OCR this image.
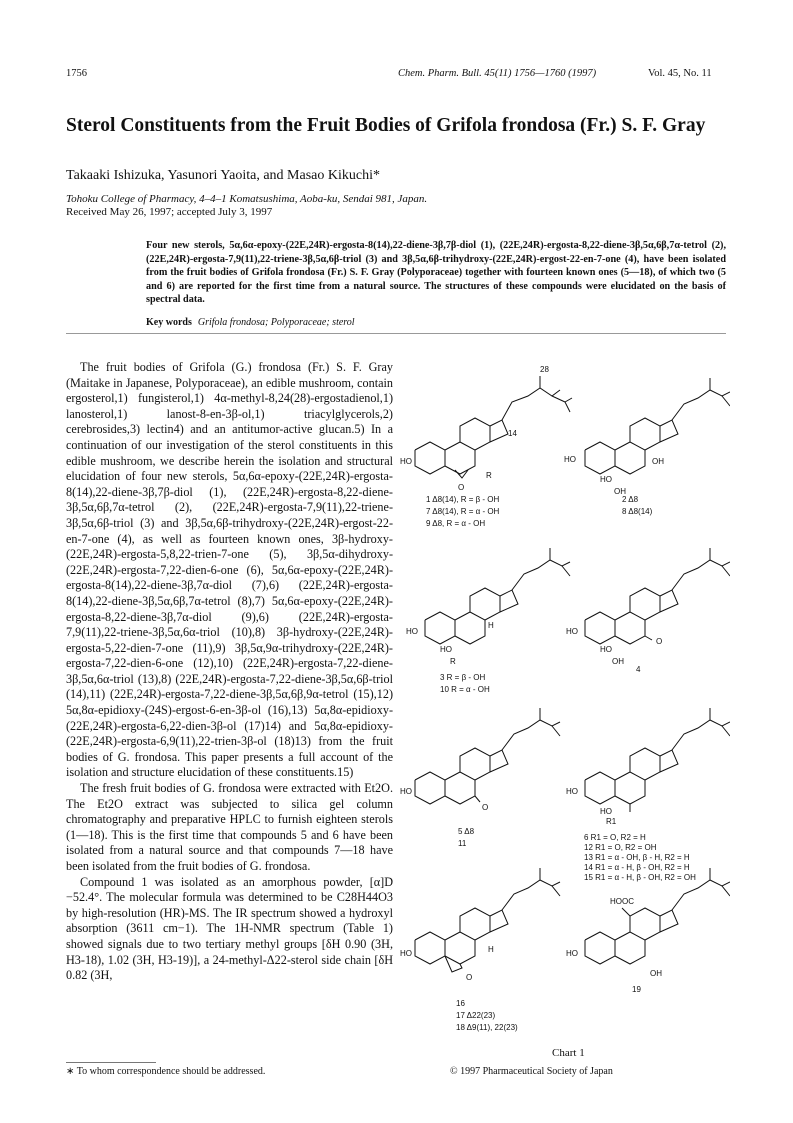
1756	Chem. Pharm. Bull. 45(11) 1756—1760 (1997)	Vol. 45, No. 11
Sterol Constituents from the Fruit Bodies of Grifola frondosa (Fr.) S. F. Gray
Takaaki Ishizuka, Yasunori Yaoita, and Masao Kikuchi*
Tohoku College of Pharmacy, 4–4–1 Komatsushima, Aoba-ku, Sendai 981, Japan.
Received May 26, 1997; accepted July 3, 1997
Four new sterols, 5α,6α-epoxy-(22E,24R)-ergosta-8(14),22-diene-3β,7β-diol (1), (22E,24R)-ergosta-8,22-diene-3β,5α,6β,7α-tetrol (2), (22E,24R)-ergosta-7,9(11),22-triene-3β,5α,6β-triol (3) and 3β,5α,6β-trihydroxy-(22E,24R)-ergost-22-en-7-one (4), have been isolated from the fruit bodies of Grifola frondosa (Fr.) S. F. Gray (Polyporaceae) together with fourteen known ones (5—18), of which two (5 and 6) are reported for the first time from a natural source. The structures of these compounds were elucidated on the basis of spectral data.
Key words Grifola frondosa; Polyporaceae; sterol

The fruit bodies of Grifola (G.) frondosa (Fr.) S. F. Gray (Maitake in Japanese, Polyporaceae), an edible mushroom, contain ergosterol,1) fungisterol,1) 4α-methyl-8,24(28)-ergostadienol,1) lanosterol,1) lanost-8-en-3β-ol,1) triacylglycerols,2) cerebrosides,3) lectin4) and an antitumor-active glucan.5) In a continuation of our investigation of the sterol constituents in this edible mushroom, we describe herein the isolation and structural elucidation of four new sterols, 5α,6α-epoxy-(22E,24R)-ergosta-8(14),22-diene-3β,7β-diol (1), (22E,24R)-ergosta-8,22-diene-3β,5α,6β,7α-tetrol (2), (22E,24R)-ergosta-7,9(11),22-triene-3β,5α,6β-triol (3) and 3β,5α,6β-trihydroxy-(22E,24R)-ergost-22-en-7-one (4), as well as fourteen known ones, 3β-hydroxy-(22E,24R)-ergosta-5,8,22-trien-7-one (5), 3β,5α-dihydroxy-(22E,24R)-ergosta-7,22-dien-6-one (6), 5α,6α-epoxy-(22E,24R)-ergosta-8(14),22-diene-3β,7α-diol (7),6) (22E,24R)-ergosta-8(14),22-diene-3β,5α,6β,7α-tetrol (8),7) 5α,6α-epoxy-(22E,24R)-ergosta-8,22-diene-3β,7α-diol (9),6) (22E,24R)-ergosta-7,9(11),22-triene-3β,5α,6α-triol (10),8) 3β-hydroxy-(22E,24R)-ergosta-5,22-dien-7-one (11),9) 3β,5α,9α-trihydroxy-(22E,24R)-ergosta-7,22-dien-6-one (12),10) (22E,24R)-ergosta-7,22-diene-3β,5α,6α-triol (13),8) (22E,24R)-ergosta-7,22-diene-3β,5α,6β-triol (14),11) (22E,24R)-ergosta-7,22-diene-3β,5α,6β,9α-tetrol (15),12) 5α,8α-epidioxy-(24S)-ergost-6-en-3β-ol (16),13) 5α,8α-epidioxy-(22E,24R)-ergosta-6,22-dien-3β-ol (17)14) and 5α,8α-epidioxy-(22E,24R)-ergosta-6,9(11),22-trien-3β-ol (18)13) from the fruit bodies of G. frondosa. This paper presents a full account of the isolation and structure elucidation of these constituents.15)

The fresh fruit bodies of G. frondosa were extracted with Et2O. The Et2O extract was subjected to silica gel column chromatography and preparative HPLC to furnish eighteen sterols (1—18). This is the first time that compounds 5 and 6 have been isolated from a natural source and that compounds 7—18 have been isolated from the fruit bodies of G. frondosa.

Compound 1 was isolated as an amorphous powder, [α]D −52.4°. The molecular formula was determined to be C28H44O3 by high-resolution (HR)-MS. The IR spectrum showed a hydroxyl absorption (3611 cm−1). The 1H-NMR spectrum (Table 1) showed signals due to two tertiary methyl groups [δH 0.90 (3H, H3-18), 1.02 (3H, H3-19)], a 24-methyl-Δ22-sterol side chain [δH 0.82 (3H,

HO
O
R
14
28
1 Δ8(14), R = β - OH
7 Δ8(14), R = α - OH
9 Δ8, R = α - OH
HO
HO
OH
OH
2 Δ8
8 Δ8(14)
HO
HO
H
R
3 R = β - OH
10 R = α - OH
HO
HO
O
OH
4
HO
O
5 Δ8
11
HO
HO
R1
6 R1 = O, R2 = H
12 R1 = O, R2 = OH
13 R1 = α - OH, β - H, R2 = H
14 R1 = α - H, β - OH, R2 = H
15 R1 = α - H, β - OH, R2 = OH
HO
O
H
16
17 Δ22(23)
18 Δ9(11), 22(23)
HO
HOOC
OH
19
Chart 1
∗ To whom correspondence should be addressed.	© 1997 Pharmaceutical Society of Japan
